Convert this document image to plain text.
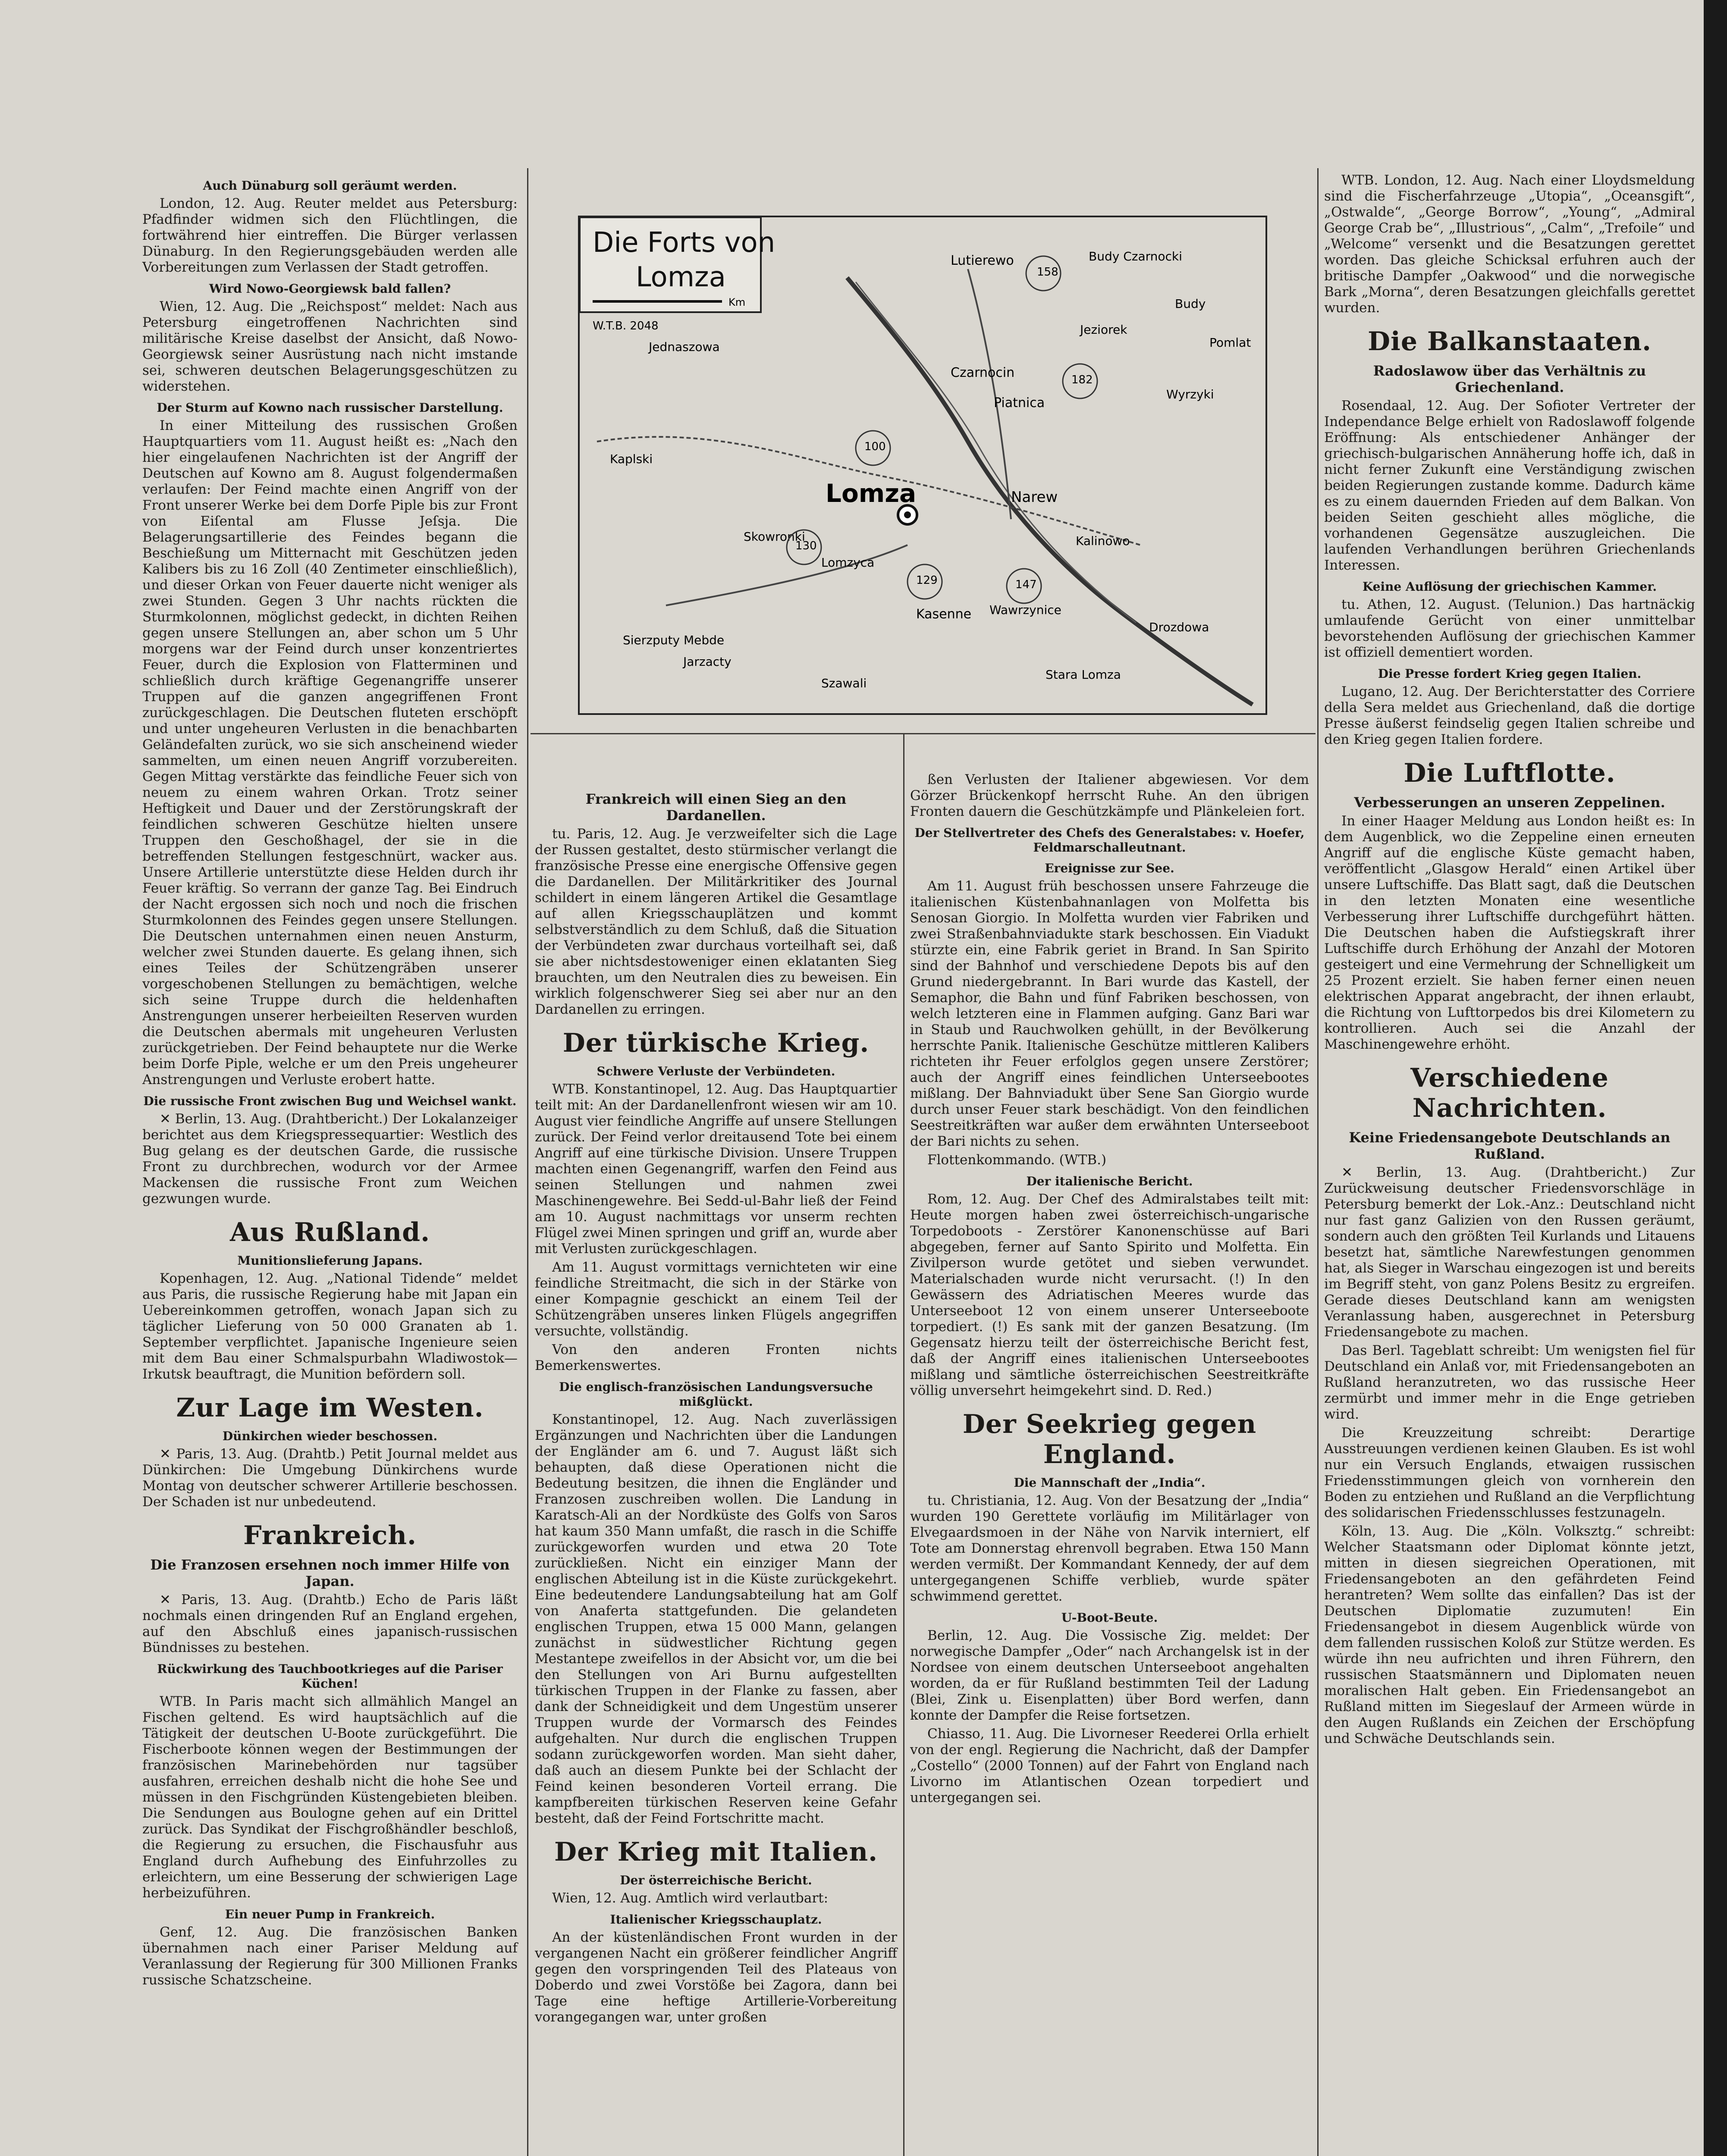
Auch Dünaburg soll geräumt werden.

London, 12. Aug. Reuter meldet aus Petersburg: Pfadfinder widmen sich den Flüchtlingen, die fortwährend hier eintreffen. Die Bürger verlassen Dünaburg. In den Regierungsgebäuden werden alle Vorbereitungen zum Verlassen der Stadt getroffen.

Wird Nowo-Georgiewsk bald fallen?

Wien, 12. Aug. Die „Reichspost“ meldet: Nach aus Petersburg eingetroffenen Nachrichten sind militärische Kreise daselbst der Ansicht, daß Nowo-Georgiewsk seiner Ausrüstung nach nicht imstande sei, schweren deutschen Belagerungsgeschützen zu widerstehen.

Der Sturm auf Kowno nach russischer Darstellung.

In einer Mitteilung des russischen Großen Hauptquartiers vom 11. August heißt es: „Nach den hier eingelaufenen Nachrichten ist der Angriff der Deutschen auf Kowno am 8. August folgendermaßen verlaufen: Der Feind machte einen Angriff von der Front unserer Werke bei dem Dorfe Piple bis zur Front von Eiſental am Flusse Jeſsja. Die Belagerungsartillerie des Feindes begann die Beschießung um Mitternacht mit Geschützen jeden Kalibers bis zu 16 Zoll (40 Zentimeter einschließlich), und dieser Orkan von Feuer dauerte nicht weniger als zwei Stunden. Gegen 3 Uhr nachts rückten die Sturmkolonnen, möglichst gedeckt, in dichten Reihen gegen unsere Stellungen an, aber schon um 5 Uhr morgens war der Feind durch unser konzentriertes Feuer, durch die Explosion von Flatterminen und schließlich durch kräftige Gegenangriffe unserer Truppen auf die ganzen angegriffenen Front zurückgeschlagen. Die Deutschen fluteten erschöpft und unter ungeheuren Verlusten in die benachbarten Geländefalten zurück, wo sie sich anscheinend wieder sammelten, um einen neuen Angriff vorzubereiten. Gegen Mittag verstärkte das feindliche Feuer sich von neuem zu einem wahren Orkan. Trotz seiner Heftigkeit und Dauer und der Zerstörungskraft der feindlichen schweren Geschütze hielten unsere Truppen den Geschoßhagel, der sie in die betreffenden Stellungen festgeschnürt, wacker aus. Unsere Artillerie unterstützte diese Helden durch ihr Feuer kräftig. So verrann der ganze Tag. Bei Eindruch der Nacht ergossen sich noch und noch die frischen Sturmkolonnen des Feindes gegen unsere Stellungen. Die Deutschen unternahmen einen neuen Ansturm, welcher zwei Stunden dauerte. Es gelang ihnen, sich eines Teiles der Schützengräben unserer vorgeschobenen Stellungen zu bemächtigen, welche sich seine Truppe durch die heldenhaften Anstrengungen unserer herbeieilten Reserven wurden die Deutschen abermals mit ungeheuren Verlusten zurückgetrieben. Der Feind behauptete nur die Werke beim Dorfe Piple, welche er um den Preis ungeheurer Anstrengungen und Verluste erobert hatte.

Die russische Front zwischen Bug und Weichsel wankt.

✕ Berlin, 13. Aug. (Drahtbericht.) Der Lokalanzeiger berichtet aus dem Kriegspressequartier: Westlich des Bug gelang es der deutschen Garde, die russische Front zu durchbrechen, wodurch vor der Armee Mackensen die russische Front zum Weichen gezwungen wurde.

Aus Rußland.
Munitionslieferung Japans.

Kopenhagen, 12. Aug. „National Tidende“ meldet aus Paris, die russische Regierung habe mit Japan ein Uebereinkommen getroffen, wonach Japan sich zu täglicher Lieferung von 50 000 Granaten ab 1. September verpflichtet. Japanische Ingenieure seien mit dem Bau einer Schmalspurbahn Wladiwostok—Irkutsk beauftragt, die Munition befördern soll.

Zur Lage im Westen.
Dünkirchen wieder beschossen.

✕ Paris, 13. Aug. (Drahtb.) Petit Journal meldet aus Dünkirchen: Die Umgebung Dünkirchens wurde Montag von deutscher schwerer Artillerie beschossen. Der Schaden ist nur unbedeutend.

Frankreich.
Die Franzosen ersehnen noch immer Hilfe von Japan.

✕ Paris, 13. Aug. (Drahtb.) Echo de Paris läßt nochmals einen dringenden Ruf an England ergehen, auf den Abschluß eines japanisch-russischen Bündnisses zu bestehen.

Rückwirkung des Tauchbootkrieges auf die Pariser Küchen!

WTB. In Paris macht sich allmählich Mangel an Fischen geltend. Es wird hauptsächlich auf die Tätigkeit der deutschen U-Boote zurückgeführt. Die Fischerboote können wegen der Bestimmungen der französischen Marinebehörden nur tagsüber ausfahren, erreichen deshalb nicht die hohe See und müssen in den Fischgründen Küstengebieten bleiben. Die Sendungen aus Boulogne gehen auf ein Drittel zurück. Das Syndikat der Fischgroßhändler beschloß, die Regierung zu ersuchen, die Fischausfuhr aus England durch Aufhebung des Einfuhrzolles zu erleichtern, um eine Besserung der schwierigen Lage herbeizuführen.

Ein neuer Pump in Frankreich.

Genf, 12. Aug. Die französischen Banken übernahmen nach einer Pariser Meldung auf Veranlassung der Regierung für 300 Millionen Franks russische Schatzscheine.

Frankreich will einen Sieg an den Dardanellen.

tu. Paris, 12. Aug. Je verzweifelter sich die Lage der Russen gestaltet, desto stürmischer verlangt die französische Presse eine energische Offensive gegen die Dardanellen. Der Militärkritiker des Journal schildert in einem längeren Artikel die Gesamtlage auf allen Kriegsschauplätzen und kommt selbstverständlich zu dem Schluß, daß die Situation der Verbündeten zwar durchaus vorteilhaft sei, daß sie aber nichtsdestoweniger einen eklatanten Sieg brauchten, um den Neutralen dies zu beweisen. Ein wirklich folgenschwerer Sieg sei aber nur an den Dardanellen zu erringen.

Der türkische Krieg.
Schwere Verluste der Verbündeten.

WTB. Konstantinopel, 12. Aug. Das Hauptquartier teilt mit: An der Dardanellenfront wiesen wir am 10. August vier feindliche Angriffe auf unsere Stellungen zurück. Der Feind verlor dreitausend Tote bei einem Angriff auf eine türkische Division. Unsere Truppen machten einen Gegenangriff, warfen den Feind aus seinen Stellungen und nahmen zwei Maschinengewehre. Bei Sedd-ul-Bahr ließ der Feind am 10. August nachmittags vor unserm rechten Flügel zwei Minen springen und griff an, wurde aber mit Verlusten zurückgeschlagen.

Am 11. August vormittags vernichteten wir eine feindliche Streitmacht, die sich in der Stärke von einer Kompagnie geschickt an einem Teil der Schützengräben unseres linken Flügels angegriffen versuchte, vollständig.

Von den anderen Fronten nichts Bemerkenswertes.

Die englisch-französischen Landungsversuche mißglückt.

Konstantinopel, 12. Aug. Nach zuverlässigen Ergänzungen und Nachrichten über die Landungen der Engländer am 6. und 7. August läßt sich behaupten, daß diese Operationen nicht die Bedeutung besitzen, die ihnen die Engländer und Franzosen zuschreiben wollen. Die Landung in Karatsch-Ali an der Nordküste des Golfs von Saros hat kaum 350 Mann umfaßt, die rasch in die Schiffe zurückgeworfen wurden und etwa 20 Tote zurückließen. Nicht ein einziger Mann der englischen Abteilung ist in die Küste zurückgekehrt. Eine bedeutendere Landungsabteilung hat am Golf von Anaferta stattgefunden. Die gelandeten englischen Truppen, etwa 15 000 Mann, gelangen zunächst in südwestlicher Richtung gegen Mestantepe zweifellos in der Absicht vor, um die bei den Stellungen von Ari Burnu aufgestellten türkischen Truppen in der Flanke zu fassen, aber dank der Schneidigkeit und dem Ungestüm unserer Truppen wurde der Vormarsch des Feindes aufgehalten. Nur durch die englischen Truppen sodann zurückgeworfen worden. Man sieht daher, daß auch an diesem Punkte bei der Schlacht der Feind keinen besonderen Vorteil errang. Die kampfbereiten türkischen Reserven keine Gefahr besteht, daß der Feind Fortschritte macht.

Der Krieg mit Italien.
Der österreichische Bericht.

Wien, 12. Aug. Amtlich wird verlautbart:

Italienischer Kriegsschauplatz.

An der küstenländischen Front wurden in der vergangenen Nacht ein größerer feindlicher Angriff gegen den vorspringenden Teil des Plateaus von Doberdo und zwei Vorstöße bei Zagora, dann bei Tage eine heftige Artillerie-Vorbereitung vorangegangen war, unter großen

ßen Verlusten der Italiener abgewiesen. Vor dem Görzer Brückenkopf herrscht Ruhe. An den übrigen Fronten dauern die Geschützkämpfe und Plänkeleien fort.

Der Stellvertreter des Chefs des Generalstabes: v. Hoefer, Feldmarschalleutnant.
Ereignisse zur See.

Am 11. August früh beschossen unsere Fahrzeuge die italienischen Küstenbahnanlagen von Molfetta bis Senosan Giorgio. In Molfetta wurden vier Fabriken und zwei Straßenbahnviadukte stark beschossen. Ein Viadukt stürzte ein, eine Fabrik geriet in Brand. In San Spirito sind der Bahnhof und verschiedene Depots bis auf den Grund niedergebrannt. In Bari wurde das Kastell, der Semaphor, die Bahn und fünf Fabriken beschossen, von welch letzteren eine in Flammen aufging. Ganz Bari war in Staub und Rauchwolken gehüllt, in der Bevölkerung herrschte Panik. Italienische Geschütze mittleren Kalibers richteten ihr Feuer erfolglos gegen unsere Zerstörer; auch der Angriff eines feindlichen Unterseebootes mißlang. Der Bahnviadukt über Sene San Giorgio wurde durch unser Feuer stark beschädigt. Von den feindlichen Seestreitkräften war außer dem erwähnten Unterseeboot der Bari nichts zu sehen.

Flottenkommando. (WTB.)

Der italienische Bericht.

Rom, 12. Aug. Der Chef des Admiralstabes teilt mit: Heute morgen haben zwei österreichisch-ungarische Torpedoboots - Zerstörer Kanonenschüsse auf Bari abgegeben, ferner auf Santo Spirito und Molfetta. Ein Zivilperson wurde getötet und sieben verwundet. Materialschaden wurde nicht verursacht. (!) In den Gewässern des Adriatischen Meeres wurde das Unterseeboot 12 von einem unserer Unterseeboote torpediert. (!) Es sank mit der ganzen Besatzung. (Im Gegensatz hierzu teilt der österreichische Bericht fest, daß der Angriff eines italienischen Unterseebootes mißlang und sämtliche österreichischen Seestreitkräfte völlig unversehrt heimgekehrt sind. D. Red.)

Der Seekrieg gegen England.
Die Mannschaft der „India“.

tu. Christiania, 12. Aug. Von der Besatzung der „India“ wurden 190 Gerettete vorläufig im Militärlager von Elvegaardsmoen in der Nähe von Narvik interniert, elf Tote am Donnerstag ehrenvoll begraben. Etwa 150 Mann werden vermißt. Der Kommandant Kennedy, der auf dem untergegangenen Schiffe verblieb, wurde später schwimmend gerettet.

U-Boot-Beute.

Berlin, 12. Aug. Die Vossische Zig. meldet: Der norwegische Dampfer „Oder“ nach Archangelsk ist in der Nordsee von einem deutschen Unterseeboot angehalten worden, da er für Rußland bestimmten Teil der Ladung (Blei, Zink u. Eisenplatten) über Bord werfen, dann konnte der Dampfer die Reise fortsetzen.

Chiasso, 11. Aug. Die Livorneser Reederei Orlla erhielt von der engl. Regierung die Nachricht, daß der Dampfer „Costello“ (2000 Tonnen) auf der Fahrt von England nach Livorno im Atlantischen Ozean torpediert und untergegangen sei.

WTB. London, 12. Aug. Nach einer Lloydsmeldung sind die Fischerfahrzeuge „Utopia“, „Oceansgift“, „Ostwalde“, „George Borrow“, „Young“, „Admiral George Crab be“, „Illustrious“, „Calm“, „Trefoile“ und „Welcome“ versenkt und die Besatzungen gerettet worden. Das gleiche Schicksal erfuhren auch der britische Dampfer „Oakwood“ und die norwegische Bark „Morna“, deren Besatzungen gleichfalls gerettet wurden.

Die Balkanstaaten.
Radoslawow über das Verhältnis zu Griechenland.

Rosendaal, 12. Aug. Der Sofioter Vertreter der Independance Belge erhielt von Radoslawoff folgende Eröffnung: Als entschiedener Anhänger der griechisch-bulgarischen Annäherung hoffe ich, daß in nicht ferner Zukunft eine Verständigung zwischen beiden Regierungen zustande komme. Dadurch käme es zu einem dauernden Frieden auf dem Balkan. Von beiden Seiten geschieht alles mögliche, die vorhandenen Gegensätze auszugleichen. Die laufenden Verhandlungen berühren Griechenlands Interessen.

Keine Auflösung der griechischen Kammer.

tu. Athen, 12. August. (Telunion.) Das hartnäckig umlaufende Gerücht von einer unmittelbar bevorstehenden Auflösung der griechischen Kammer ist offiziell dementiert worden.

Die Presse fordert Krieg gegen Italien.

Lugano, 12. Aug. Der Berichterstatter des Corriere della Sera meldet aus Griechenland, daß die dortige Presse äußerst feindselig gegen Italien schreibe und den Krieg gegen Italien fordere.

Die Luftflotte.
Verbesserungen an unseren Zeppelinen.

In einer Haager Meldung aus London heißt es: In dem Augenblick, wo die Zeppeline einen erneuten Angriff auf die englische Küste gemacht haben, veröffentlicht „Glasgow Herald“ einen Artikel über unsere Luftschiffe. Das Blatt sagt, daß die Deutschen in den letzten Monaten eine wesentliche Verbesserung ihrer Luftschiffe durchgeführt hätten. Die Deutschen haben die Aufstiegskraft ihrer Luftschiffe durch Erhöhung der Anzahl der Motoren gesteigert und eine Vermehrung der Schnelligkeit um 25 Prozent erzielt. Sie haben ferner einen neuen elektrischen Apparat angebracht, der ihnen erlaubt, die Richtung von Lufttorpedos bis drei Kilometern zu kontrollieren. Auch sei die Anzahl der Maschinengewehre erhöht.

Verschiedene Nachrichten.
Keine Friedensangebote Deutschlands an Rußland.

✕ Berlin, 13. Aug. (Drahtbericht.) Zur Zurückweisung deutscher Friedensvorschläge in Petersburg bemerkt der Lok.-Anz.: Deutschland nicht nur fast ganz Galizien von den Russen geräumt, sondern auch den größten Teil Kurlands und Litauens besetzt hat, sämtliche Narewfestungen genommen hat, als Sieger in Warschau eingezogen ist und bereits im Begriff steht, von ganz Polens Besitz zu ergreifen. Gerade dieses Deutschland kann am wenigsten Veranlassung haben, ausgerechnet in Petersburg Friedensangebote zu machen.

Das Berl. Tageblatt schreibt: Um wenigsten fiel für Deutschland ein Anlaß vor, mit Friedensangeboten an Rußland heranzutreten, wo das russische Heer zermürbt und immer mehr in die Enge getrieben wird.

Die Kreuzzeitung schreibt: Derartige Ausstreuungen verdienen keinen Glauben. Es ist wohl nur ein Versuch Englands, etwaigen russischen Friedensstimmungen gleich von vornherein den Boden zu entziehen und Rußland an die Verpflichtung des solidarischen Friedensschlusses festzunageln.

Köln, 13. Aug. Die „Köln. Volksztg.“ schreibt: Welcher Staatsmann oder Diplomat könnte jetzt, mitten in diesen siegreichen Operationen, mit Friedensangeboten an den gefährdeten Feind herantreten? Wem sollte das einfallen? Das ist der Deutschen Diplomatie zuzumuten! Ein Friedensangebot in diesem Augenblick würde von dem fallenden russischen Koloß zur Stütze werden. Es würde ihn neu aufrichten und ihren Führern, den russischen Staatsmännern und Diplomaten neuen moralischen Halt geben. Ein Friedensangebot an Rußland mitten im Siegeslauf der Armeen würde in den Augen Rußlands ein Zeichen der Erschöpfung und Schwäche Deutschlands sein.

Die Forts von
Lomza
Km
W.T.B. 2048
Lomza
Lutierewo	Budy Czarnocki
Budy
Pomlat
Jeziorek
Jednaszowa
Czarnocin
Piatnica
Wyrzyki
Kaplski
Skowronki
Lomzyca
Narew
Kalinowo
Kasenne Wawrzynice
Drozdowa
Sierzputy Mebde
Jarzacty
Szawali
Stara Lomza
158
182
100
130
129	147
